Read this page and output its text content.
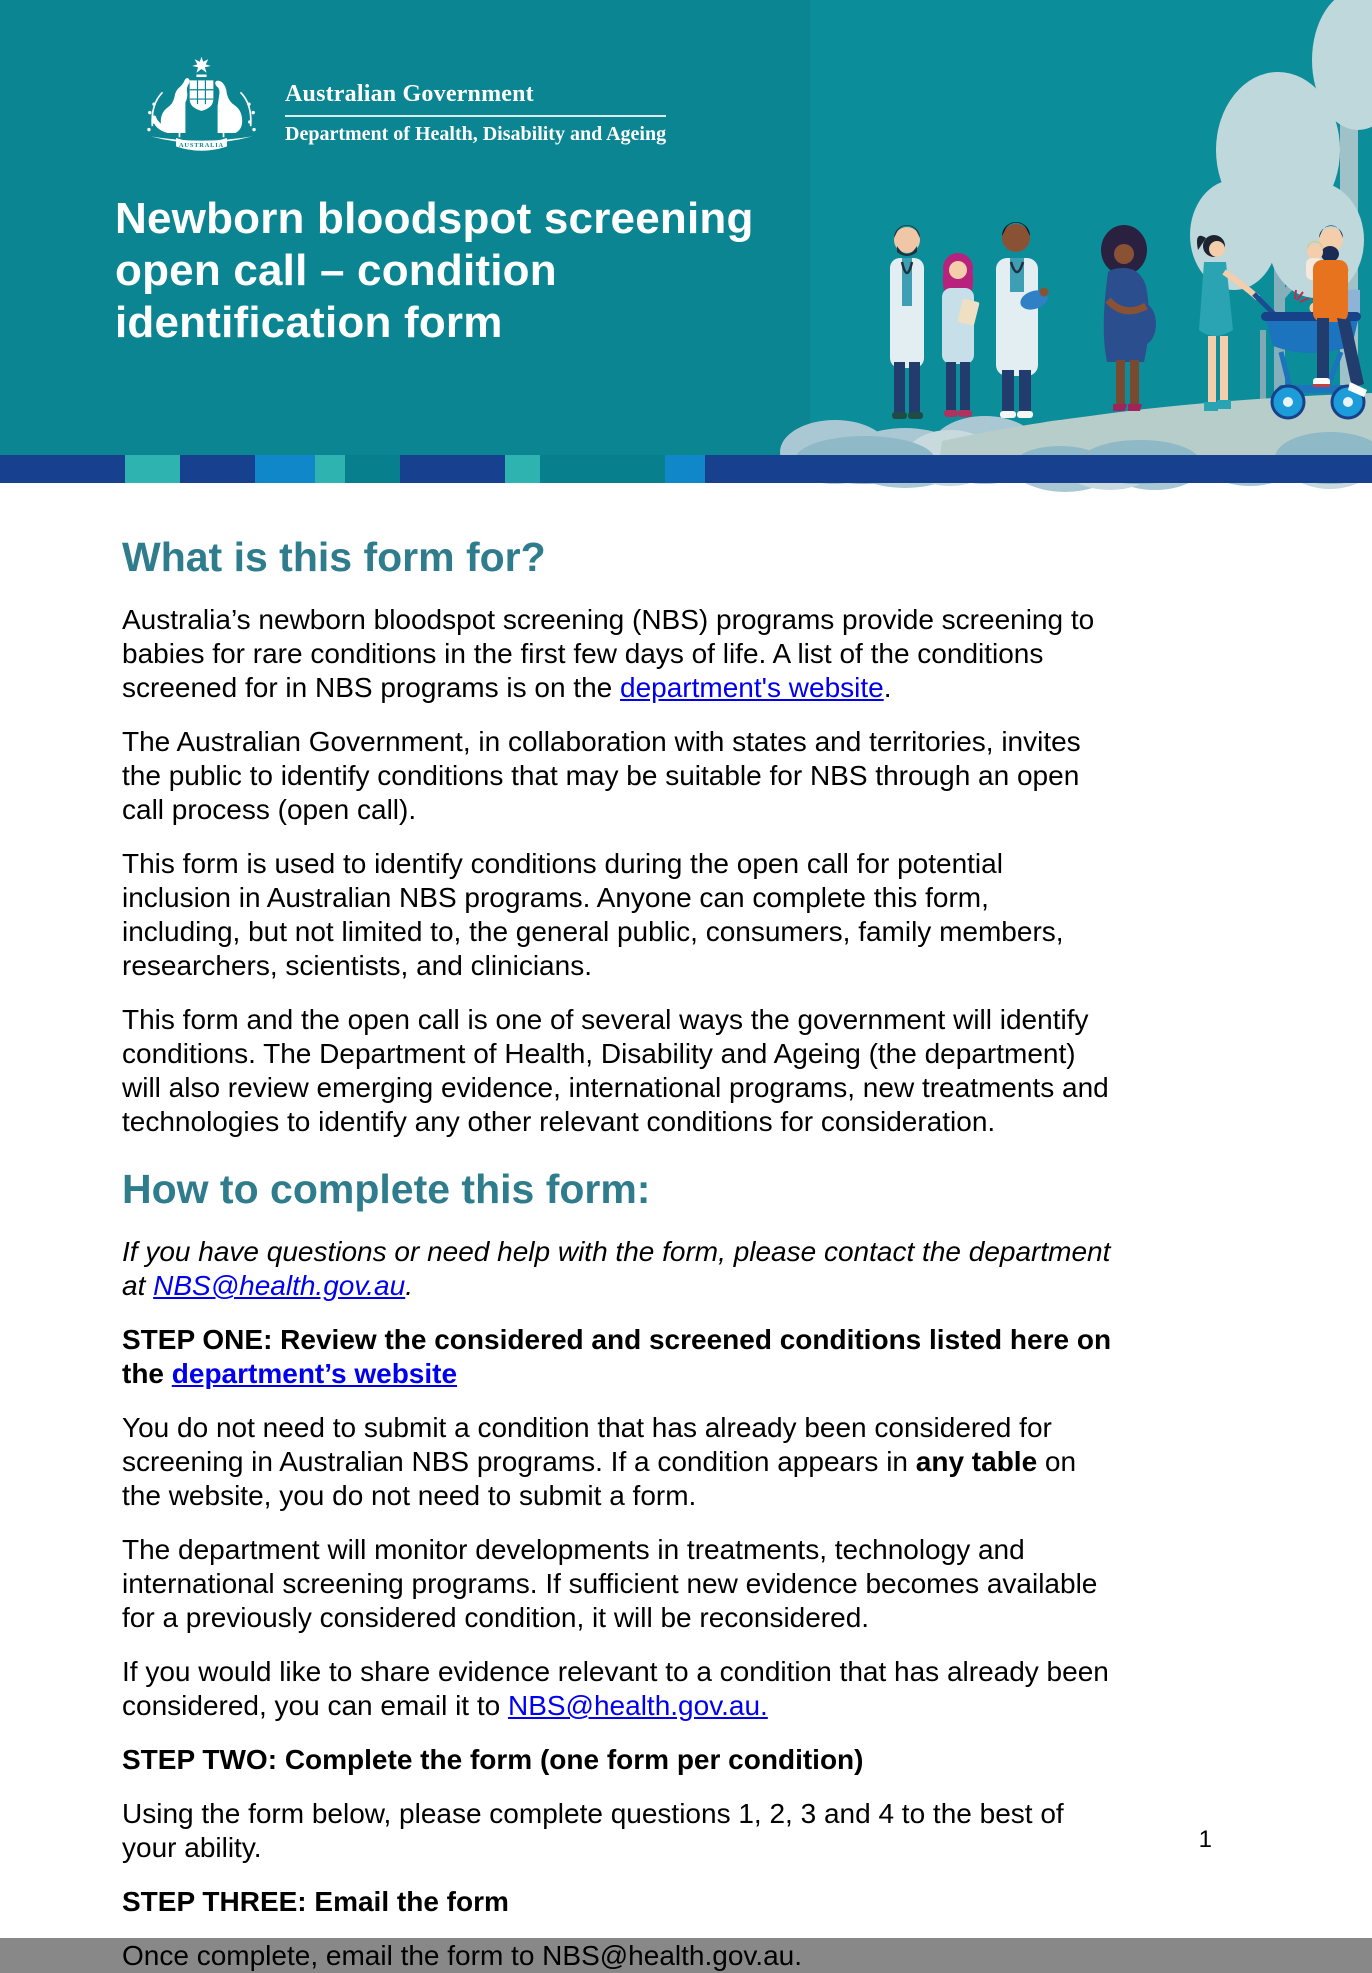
AUSTRALIA
Australian Government
Department of Health, Disability and Ageing
Newborn bloodspot screening
open call – condition
identification form
What is this form for?

Australia’s newborn bloodspot screening (NBS) programs provide screening to babies for rare conditions in the first few days of life. A list of the conditions screened for in NBS programs is on the department's website.

The Australian Government, in collaboration with states and territories, invites the public to identify conditions that may be suitable for NBS through an open call process (open call).

This form is used to identify conditions during the open call for potential inclusion in Australian NBS programs. Anyone can complete this form, including, but not limited to, the general public, consumers, family members, researchers, scientists, and clinicians.

This form and the open call is one of several ways the government will identify conditions. The Department of Health, Disability and Ageing (the department) will also review emerging evidence, international programs, new treatments and technologies to identify any other relevant conditions for consideration.

How to complete this form:

If you have questions or need help with the form, please contact the department at NBS@health.gov.au.

STEP ONE: Review the considered and screened conditions listed here on the department’s website

You do not need to submit a condition that has already been considered for screening in Australian NBS programs. If a condition appears in any table on the website, you do not need to submit a form.

The department will monitor developments in treatments, technology and international screening programs. If sufficient new evidence becomes available for a previously considered condition, it will be reconsidered.

If you would like to share evidence relevant to a condition that has already been considered, you can email it to NBS@health.gov.au.

STEP TWO: Complete the form (one form per condition)

Using the form below, please complete questions 1, 2, 3 and 4 to the best of your ability.

STEP THREE: Email the form

Once complete, email the form to NBS@health.gov.au.

1
